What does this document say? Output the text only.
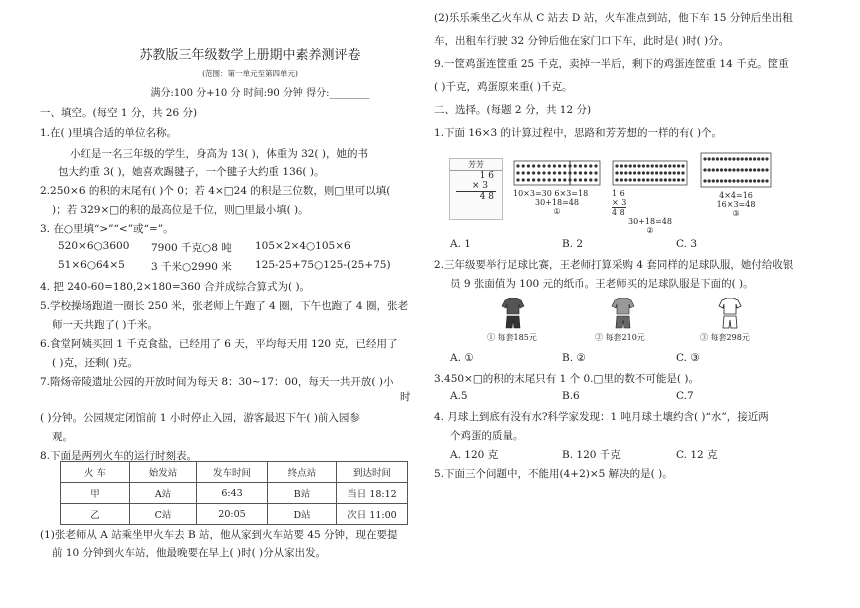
苏教版三年级数学上册期中素养测评卷
(范围：第一单元至第四单元)
满分:100 分+10 分 时间:90 分钟 得分:________
一、填空。(每空 1 分，共 26 分)
1.在( )里填合适的单位名称。
小红是一名三年级的学生，身高为 13( )，体重为 32( )，她的书
包大约重 3( )，她喜欢踢毽子，一个毽子大约重 136( )。
2.250×6 的积的末尾有( )个 0；若 4×□24 的积是三位数，则□里可以填(
)；若 329×□的积的最高位是千位，则□里最小填( )。
3. 在○里填“>”“<”或“=”。
520×6○3600 7900 千克○8 吨 105×2×4○105×6
51×6○64×5 3 千米○2990 米 125-25+75○125-(25+75)
4. 把 240-60=180,2×180=360 合并成综合算式为( )。
5.学校操场跑道一圈长 250 米，张老师上午跑了 4 圈，下午也跑了 4 圈，张老
师一天共跑了( )千米。
6.食堂阿姨买回 1 千克食盐，已经用了 6 天，平均每天用 120 克，已经用了
( )克，还剩( )克。
7.隋炀帝陵遗址公园的开放时间为每天 8：30~17：00，每天一共开放( )小
时
( )分钟。公园规定闭馆前 1 小时停止入园，游客最迟下午( )前入园参
观。
8.下面是两列火车的运行时刻表。
火 车	始发站	发车时间	终点站	到达时间
甲	A站	6:43	B站	当日 18:12
乙	C站	20:05	D站	次日 11:00
(1)张老师从 A 站乘坐甲火车去 B 站，他从家到火车站要 45 分钟，现在要提
前 10 分钟到火车站，他最晚要在早上( )时( )分从家出发。
(2)乐乐乘坐乙火车从 C 站去 D 站，火车准点到站，他下车 15 分钟后坐出租
车，出租车行驶 32 分钟后他在家门口下车，此时是( )时( )分。
9.一筐鸡蛋连筐重 25 千克，卖掉一半后，剩下的鸡蛋连筐重 14 千克。筐重
( )千克，鸡蛋原来重( )千克。
二、选择。(每题 2 分，共 12 分)
1.下面 16×3 的计算过程中，思路和芳芳想的一样的有( )个。
芳芳
1 6
× 3
4 8	10×3=30 6×3=18
30+18=48
①
1 6
× 3
4 8
30+18=48
②
4×4=16
16×3=48
③
A. 1	B. 2	C. 3
2.三年级要举行足球比赛，王老师打算采购 4 套同样的足球队服，她付给收银
员 9 张面值为 100 元的纸币。王老师买的足球队服是下面的( )。
① 每套185元	② 每套210元	③ 每套298元
A. ①	B. ②	C. ③
3.450×□的积的末尾只有 1 个 0.□里的数不可能是( )。
A.5	B.6	C.7
4. 月球上到底有没有水?科学家发现：1 吨月球土壤约含( )“水”，接近两
个鸡蛋的质量。
A. 120 克	B. 120 千克	C. 12 克
5.下面三个问题中，不能用(4+2)×5 解决的是( )。
